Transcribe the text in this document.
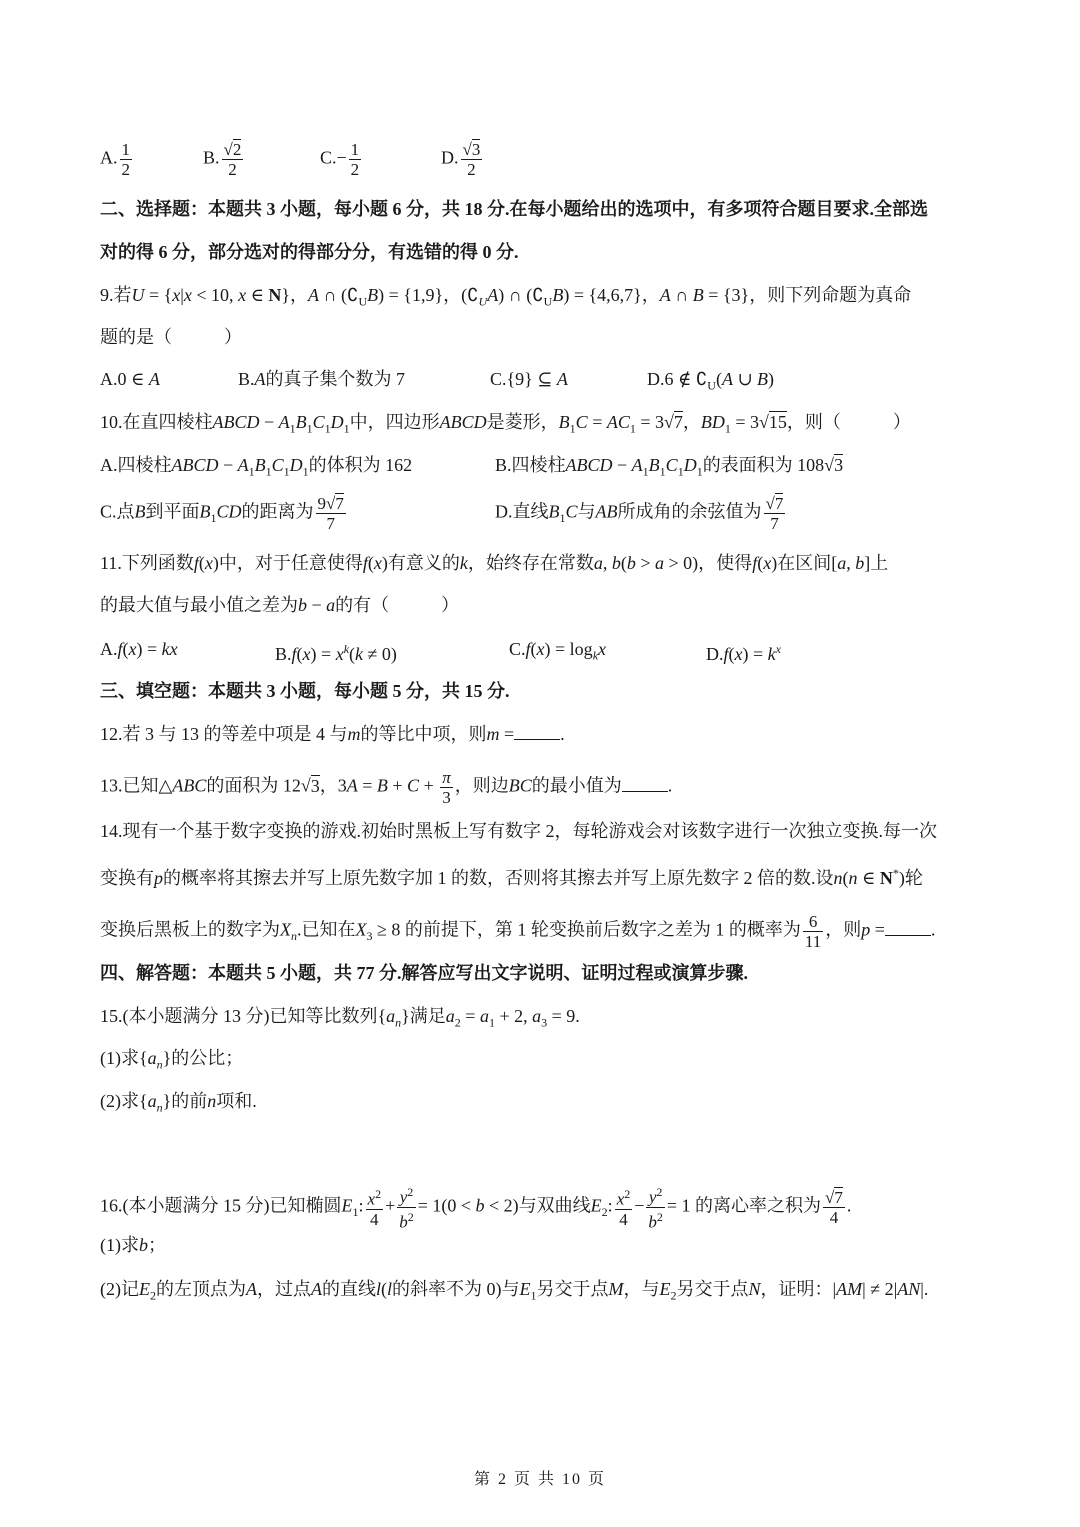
A. $\frac{1}{2}$	B. $\frac{√2}{2}$	$C.- \frac{1}{2}$	D. $\frac{√3}{2}$
二、选择题：本题共 3 小题，每小题 6 分，共 18 分.在每小题给出的选项中，有多项符合题目要求.全部选
对的得 6 分，部分选对的得部分分，有选错的得 0 分.
9.若U = {x|x < 10, x ∈ N}，A ∩ $(∁_UB) = \{1,9\}$，$(∁_UA)$ ∩ $(∁_UB) = \{4,6,7\}$，A ∩ B = {3}，则下列命题为真命
题的是（	）
A.0 ∈ A	B.A的真子集个数为 7	C.{9} ⊆ A	D.6 ∉ $∁_U(A$ ∪ B)
10.在直四棱柱ABCD − $A_1B_1C_1D_1$中，四边形ABCD是菱形，$B_1C = AC_1 = 3√7$，$BD_1 = 3√15$，则（	）
A.四棱柱ABCD − $A_1B_1C_1D_1$的体积为 162	B.四棱柱ABCD − $A_1B_1C_1D_1$的表面积为 108√3
C.点B到平面$B_1CD$的距离为 $\frac{9√7}{7}$	D.直线$B_1C$与AB所成角的余弦值为 $\frac{√7}{7}$
11.下列函数f(x)中，对于任意使得f(x)有意义的k，始终存在常数a, b(b > a > 0)，使得f(x)在区间[a, b]上
的最大值与最小值之差为b − a的有（	）
A.f(x) = kx	$B.f(x) = x^k(k \ne 0)$	$C.f(x) = \log_kx$	$D.f(x) = k^x$
三、填空题：本题共 3 小题，每小题 5 分，共 15 分.
12.若 3 与 13 的等差中项是 4 与m的等比中项，则m =	.
13.已知△ABC的面积为 12√3，$3A = B + C + \frac{\pi}{3}$ ，则边BC的最小值为	.
14.现有一个基于数字变换的游戏.初始时黑板上写有数字 2，每轮游戏会对该数字进行一次独立变换.每一次
变换有p的概率将其擦去并写上原先数字加 1 的数，否则将其擦去并写上原先数字 2 倍的数.设n(n ∈ N*)轮
变换后黑板上的数字为$X_n$.已知在$X_3 \ge 8$ 的前提下，第 1 轮变换前后数字之差为 1 的概率为 $\frac{6}{11}$ ，则p =	.
四、解答题：本题共 5 小题，共 77 分.解答应写出文字说明、证明过程或演算步骤.
15.(本小题满分 13 分)已知等比数列$\{a_n\}$满足$a_2 = a_1 + 2$, $a_3 = 9$.
(1)求$\{a_n\}$的公比；
(2)求$\{a_n\}$的前n项和.
16.(本小题满分 15 分)已知椭圆$E_1$: $\frac{x^2}{4} + \frac{y^2}{b^2} = 1(0 < b < 2)$与双曲线$E_2$: $\frac{x^2}{4} - \frac{y^2}{b^2} = 1$ 的离心率之积为 $\frac{√7}{4}$ .
(1)求b；
(2)记$E_2$的左顶点为A，过点A的直线l(l的斜率不为 0)与$E_1$另交于点M，与$E_2$另交于点N，证明：|AM| ≠ 2|AN|.
第 2 页 共 10 页
